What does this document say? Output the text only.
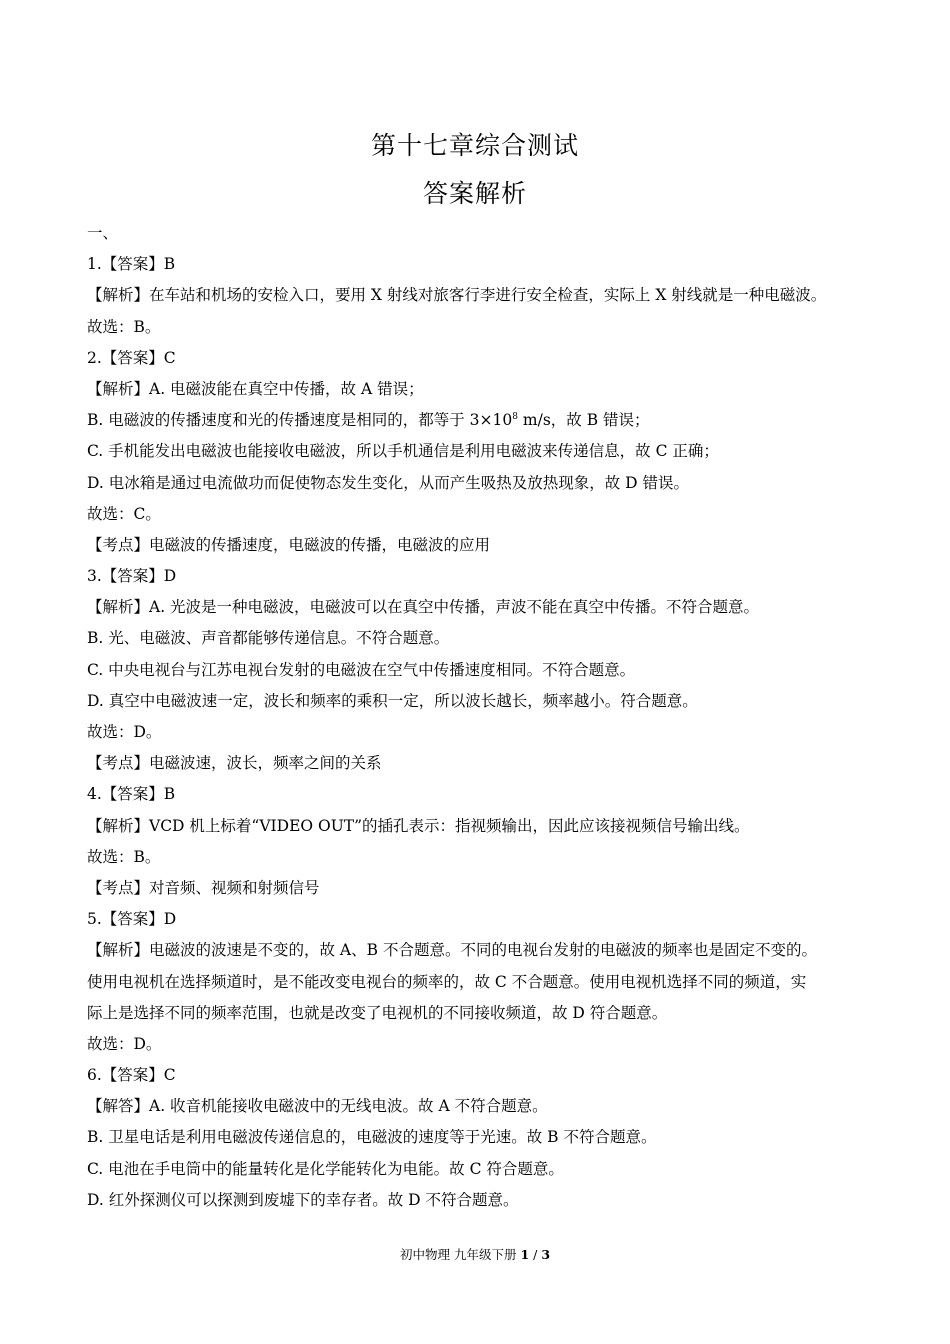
第十七章综合测试
答案解析
一、
1.【答案】B
【解析】在车站和机场的安检入口，要用 X 射线对旅客行李进行安全检查，实际上 X 射线就是一种电磁波。
故选：B。
2.【答案】C
【解析】A. 电磁波能在真空中传播，故 A 错误；
B. 电磁波的传播速度和光的传播速度是相同的，都等于 $3\times 10^8$ m/s，故 B 错误；
C. 手机能发出电磁波也能接收电磁波，所以手机通信是利用电磁波来传递信息，故 C 正确；
D. 电冰箱是通过电流做功而促使物态发生变化，从而产生吸热及放热现象，故 D 错误。
故选：C。
【考点】电磁波的传播速度，电磁波的传播，电磁波的应用
3.【答案】D
【解析】A. 光波是一种电磁波，电磁波可以在真空中传播，声波不能在真空中传播。不符合题意。
B. 光、电磁波、声音都能够传递信息。不符合题意。
C. 中央电视台与江苏电视台发射的电磁波在空气中传播速度相同。不符合题意。
D. 真空中电磁波速一定，波长和频率的乘积一定，所以波长越长，频率越小。符合题意。
故选：D。
【考点】电磁波速，波长，频率之间的关系
4.【答案】B
【解析】VCD 机上标着“VIDEO OUT”的插孔表示：指视频输出，因此应该接视频信号输出线。
故选：B。
【考点】对音频、视频和射频信号
5.【答案】D
【解析】电磁波的波速是不变的，故 A、B 不合题意。不同的电视台发射的电磁波的频率也是固定不变的。
使用电视机在选择频道时，是不能改变电视台的频率的，故 C 不合题意。使用电视机选择不同的频道，实
际上是选择不同的频率范围，也就是改变了电视机的不同接收频道，故 D 符合题意。
故选：D。
6.【答案】C
【解答】A. 收音机能接收电磁波中的无线电波。故 A 不符合题意。
B. 卫星电话是利用电磁波传递信息的，电磁波的速度等于光速。故 B 不符合题意。
C. 电池在手电筒中的能量转化是化学能转化为电能。故 C 符合题意。
D. 红外探测仪可以探测到废墟下的幸存者。故 D 不符合题意。
初中物理 九年级下册 1 / 3
